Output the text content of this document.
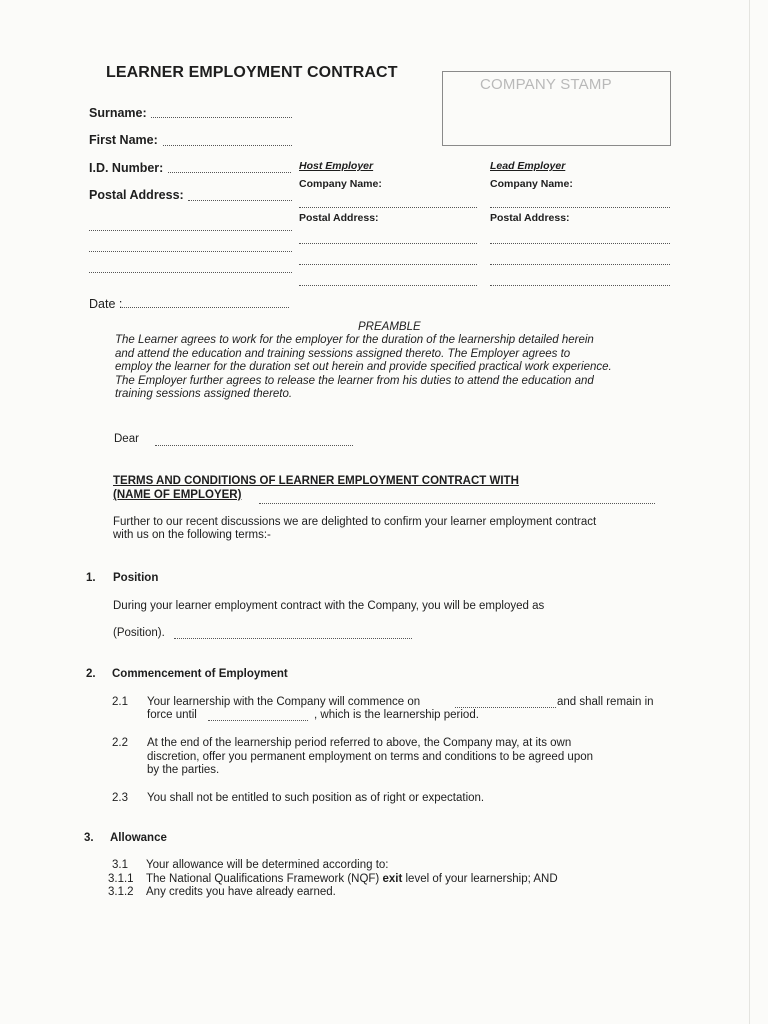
LEARNER EMPLOYMENT CONTRACT
COMPANY STAMP
Surname:
First Name:
I.D. Number:
Postal Address:
Date :
Host Employer
Company Name:
Postal Address:
Lead Employer
Company Name:
Postal Address:
PREAMBLE
The Learner agrees to work for the employer for the duration of the learnership detailed herein
and attend the education and training sessions assigned thereto. The Employer agrees to
employ the learner for the duration set out herein and provide specified practical work experience.
The Employer further agrees to release the learner from his duties to attend the education and
training sessions assigned thereto.
Dear
TERMS AND CONDITIONS OF LEARNER EMPLOYMENT CONTRACT WITH
(NAME OF EMPLOYER)
Further to our recent discussions we are delighted to confirm your learner employment contract
with us on the following terms:-
1. Position
During your learner employment contract with the Company, you will be employed as
(Position).
2. Commencement of Employment
2.1 Your learnership with the Company will commence on	and shall remain in
force until	, which is the learnership period.
2.2 At the end of the learnership period referred to above, the Company may, at its own
discretion, offer you permanent employment on terms and conditions to be agreed upon
by the parties.
2.3 You shall not be entitled to such position as of right or expectation.
3. Allowance
3.1 Your allowance will be determined according to:
3.1.1 The National Qualifications Framework (NQF) exit level of your learnership; AND
3.1.2 Any credits you have already earned.
